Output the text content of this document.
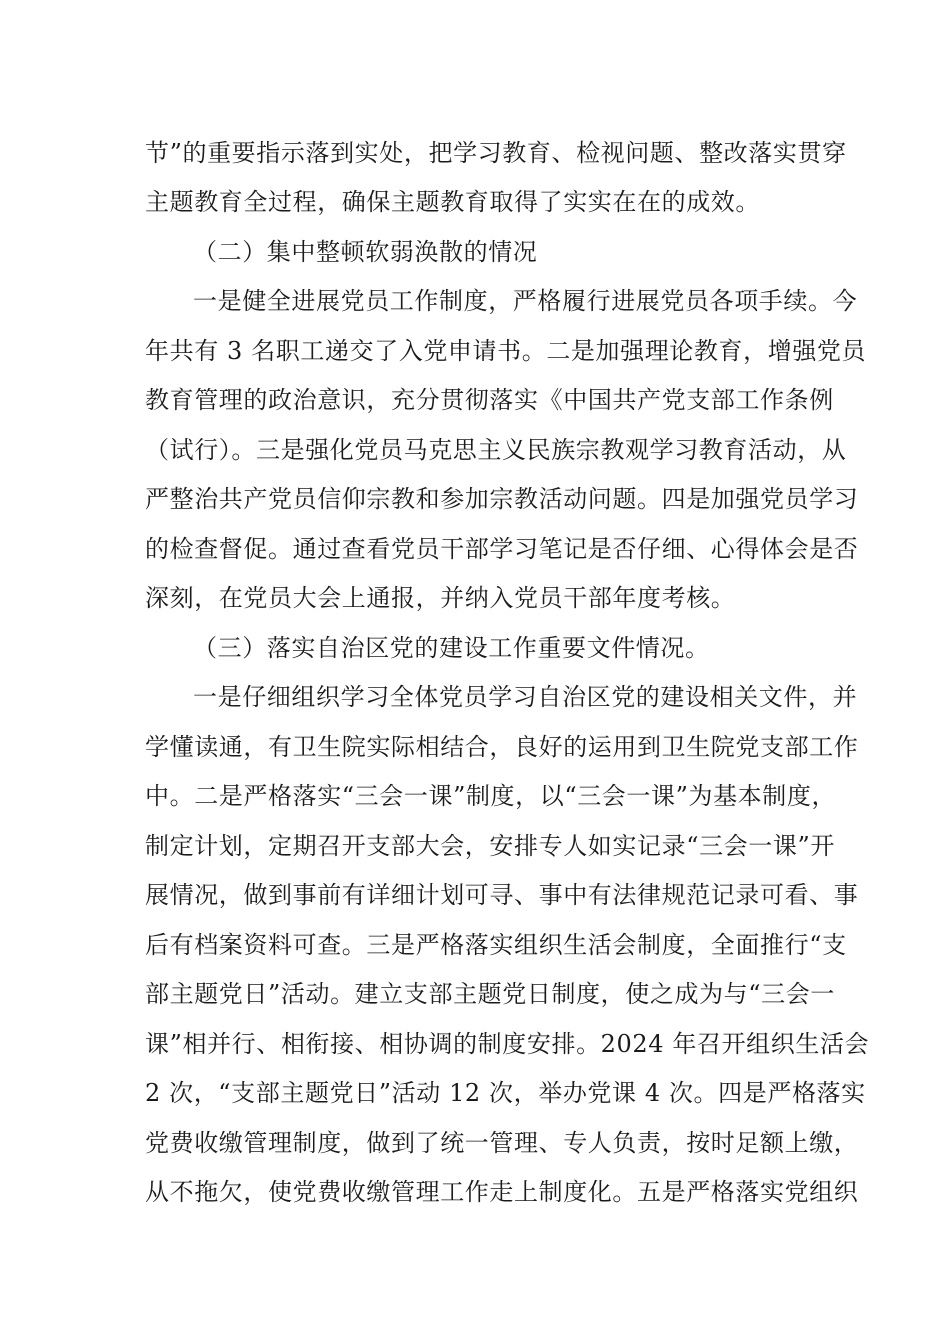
节”的重要指示落到实处，把学习教育、检视问题、整改落实贯穿
主题教育全过程，确保主题教育取得了实实在在的成效。
（二）集中整顿软弱涣散的情况
一是健全进展党员工作制度，严格履行进展党员各项手续。今
年共有 3 名职工递交了入党申请书。二是加强理论教育，增强党员
教育管理的政治意识，充分贯彻落实《中国共产党支部工作条例
（试行）。三是强化党员马克思主义民族宗教观学习教育活动，从
严整治共产党员信仰宗教和参加宗教活动问题。四是加强党员学习
的检查督促。通过查看党员干部学习笔记是否仔细、心得体会是否
深刻，在党员大会上通报，并纳入党员干部年度考核。
（三）落实自治区党的建设工作重要文件情况。
一是仔细组织学习全体党员学习自治区党的建设相关文件，并
学懂读通，有卫生院实际相结合，良好的运用到卫生院党支部工作
中。二是严格落实“三会一课”制度，以“三会一课”为基本制度，
制定计划，定期召开支部大会，安排专人如实记录“三会一课”开
展情况，做到事前有详细计划可寻、事中有法律规范记录可看、事
后有档案资料可查。三是严格落实组织生活会制度，全面推行“支
部主题党日”活动。建立支部主题党日制度，使之成为与“三会一
课”相并行、相衔接、相协调的制度安排。2024 年召开组织生活会
2 次，“支部主题党日”活动 12 次，举办党课 4 次。四是严格落实
党费收缴管理制度，做到了统一管理、专人负责，按时足额上缴，
从不拖欠，使党费收缴管理工作走上制度化。五是严格落实党组织
